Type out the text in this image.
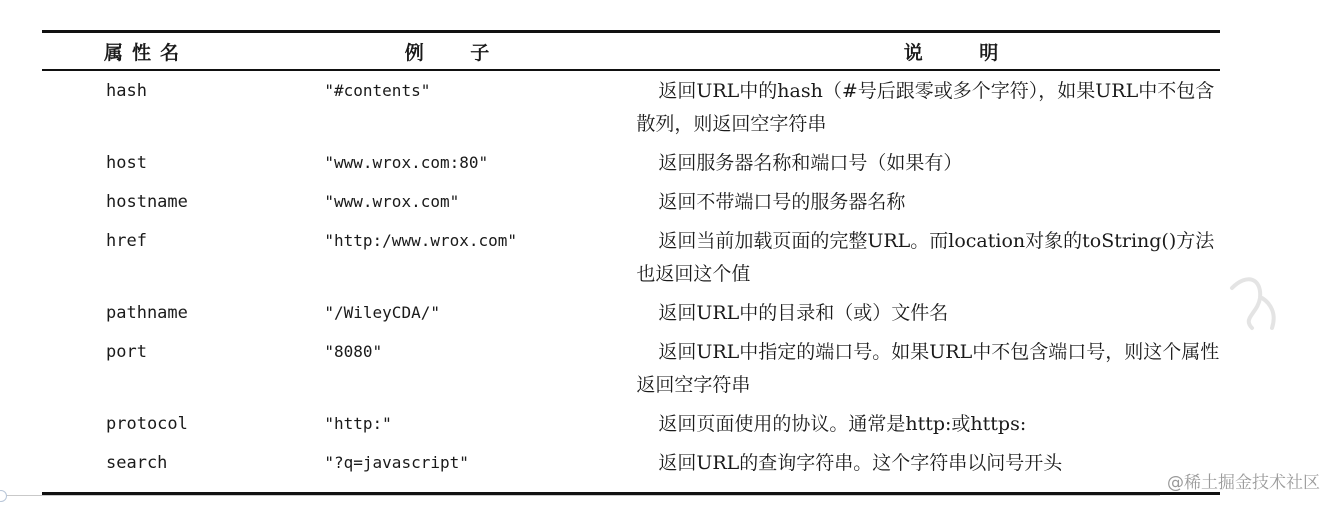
属性名	例 子	说 明
hash	"#contents"	返回URL中的hash（#号后跟零或多个字符），如果URL中不包含散列，则返回空字符串
host	"www.wrox.com:80"	返回服务器名称和端口号（如果有）
hostname	"www.wrox.com"	返回不带端口号的服务器名称
href	"http:/www.wrox.com"	返回当前加载页面的完整URL。而location对象的toString()方法也返回这个值
pathname	"/WileyCDA/"	返回URL中的目录和（或）文件名
port	"8080"	返回URL中指定的端口号。如果URL中不包含端口号，则这个属性返回空字符串
protocol	"http:"	返回页面使用的协议。通常是http:或https:
search	"?q=javascript"	返回URL的查询字符串。这个字符串以问号开头
@稀土掘金技术社区
